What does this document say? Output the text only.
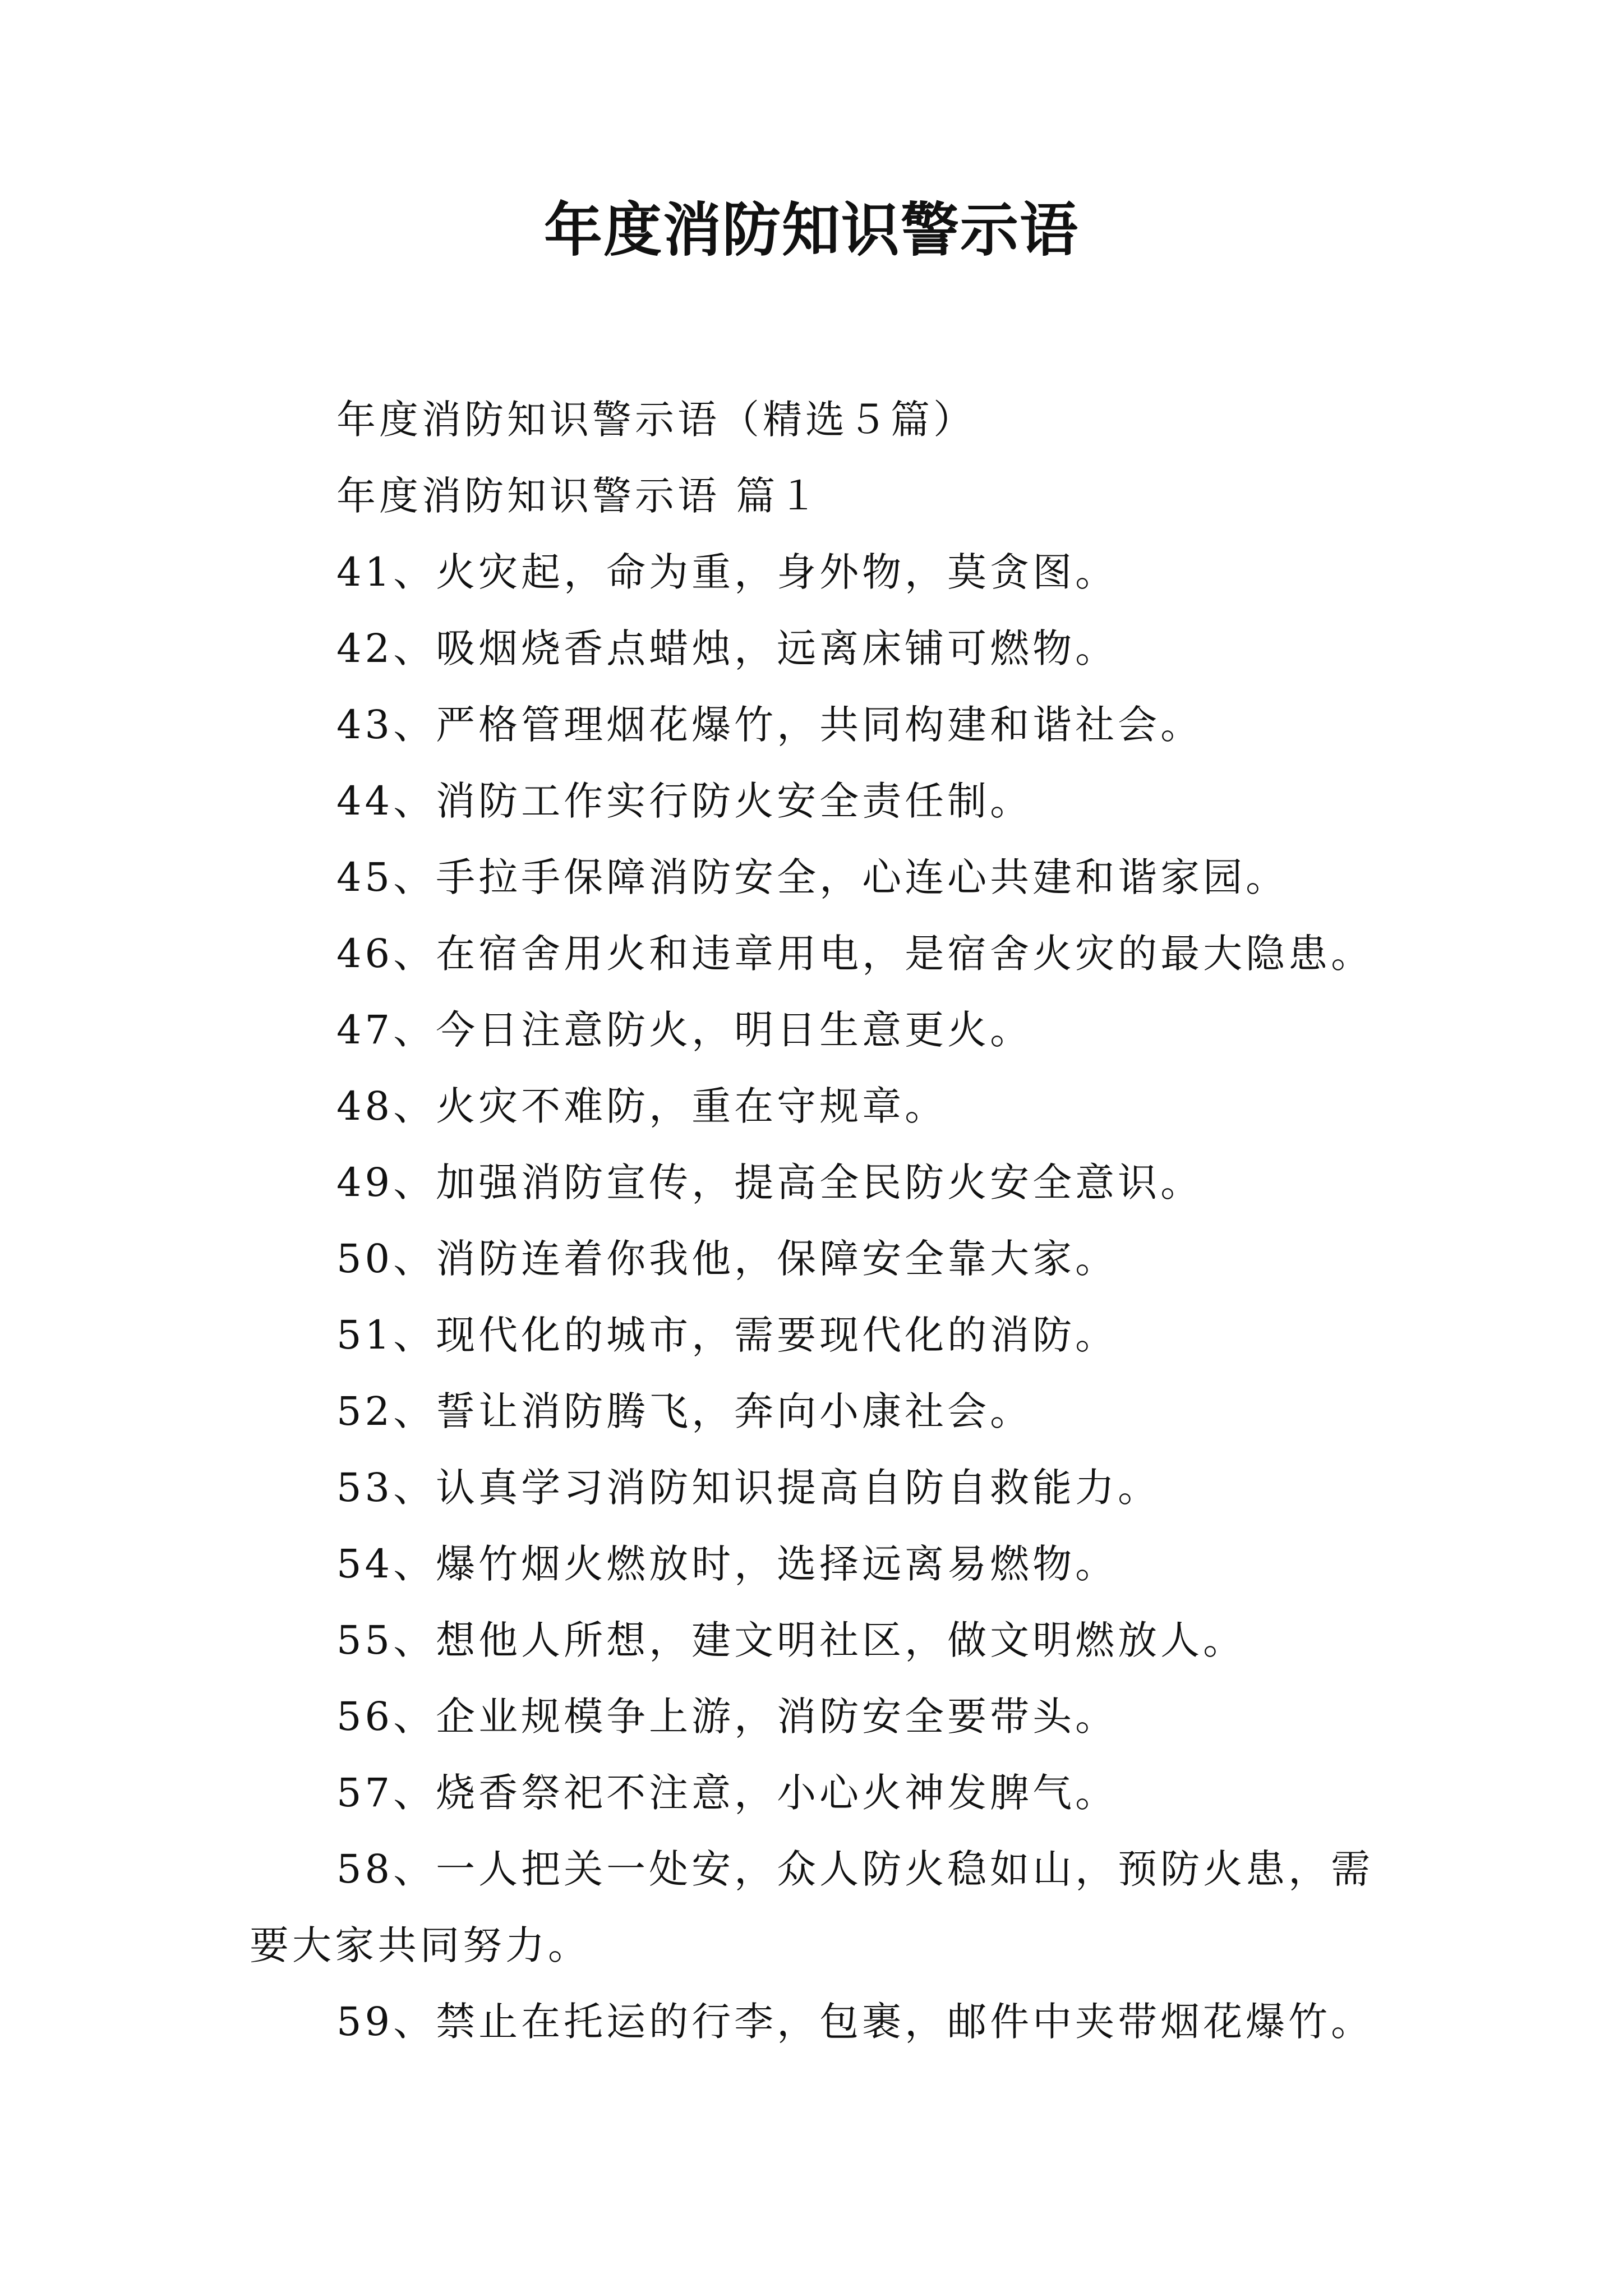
年度消防知识警示语
年度消防知识警示语（精选５篇）
年度消防知识警示语 篇１
41、火灾起，命为重，身外物，莫贪图。
42、吸烟烧香点蜡烛，远离床铺可燃物。
43、严格管理烟花爆竹，共同构建和谐社会。
44、消防工作实行防火安全责任制。
45、手拉手保障消防安全，心连心共建和谐家园。
46、在宿舍用火和违章用电，是宿舍火灾的最大隐患。
47、今日注意防火，明日生意更火。
48、火灾不难防，重在守规章。
49、加强消防宣传，提高全民防火安全意识。
50、消防连着你我他，保障安全靠大家。
51、现代化的城市，需要现代化的消防。
52、誓让消防腾飞，奔向小康社会。
53、认真学习消防知识提高自防自救能力。
54、爆竹烟火燃放时，选择远离易燃物。
55、想他人所想，建文明社区，做文明燃放人。
56、企业规模争上游，消防安全要带头。
57、烧香祭祀不注意，小心火神发脾气。
58、一人把关一处安，众人防火稳如山，预防火患，需
要大家共同努力。
59、禁止在托运的行李，包裹，邮件中夹带烟花爆竹。
